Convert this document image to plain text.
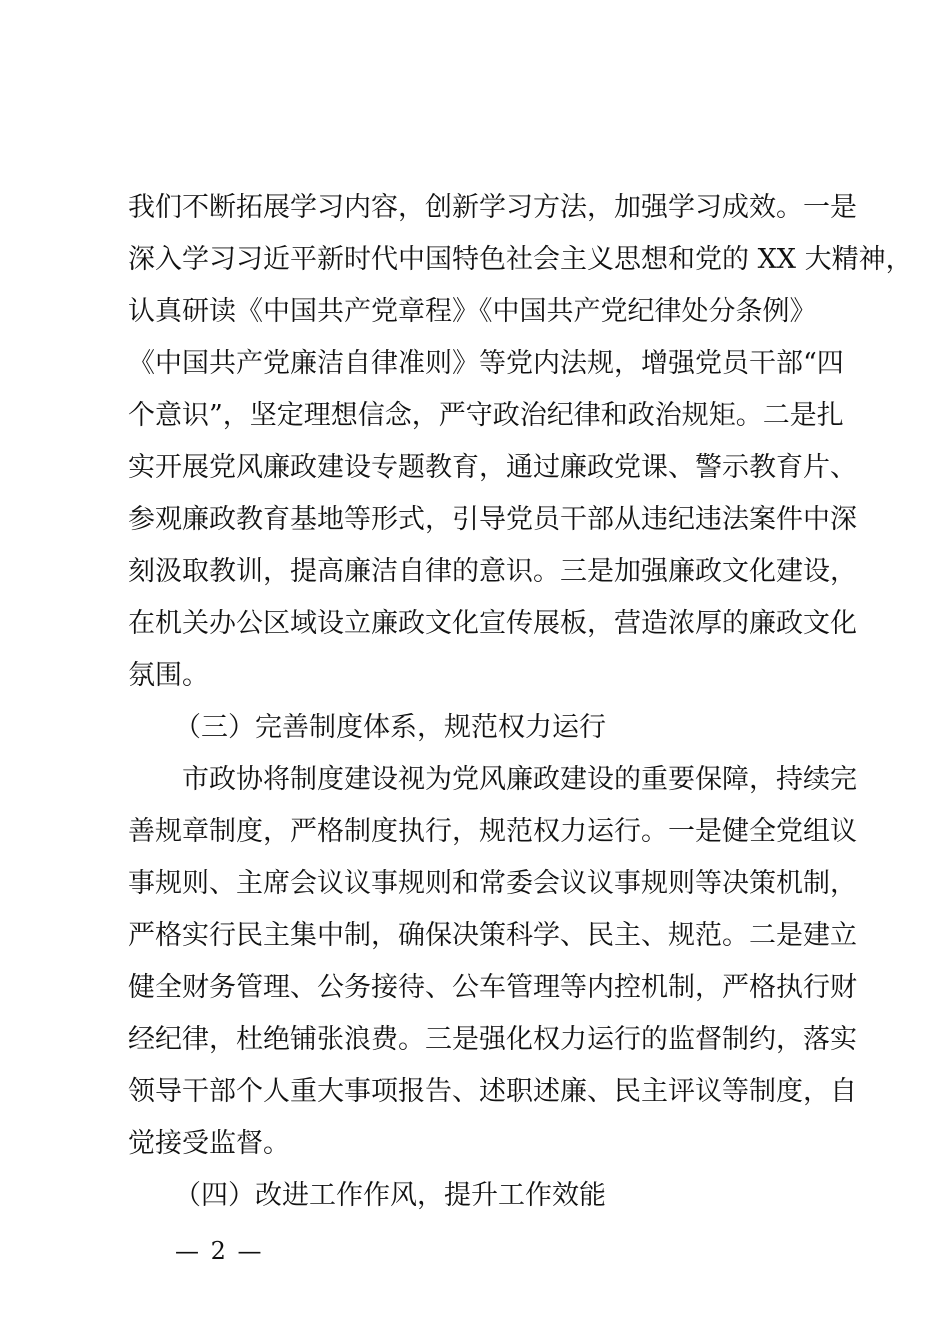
我们不断拓展学习内容，创新学习方法，加强学习成效。一是

深入学习习近平新时代中国特色社会主义思想和党的 XX 大精神，

认真研读《中国共产党章程》《中国共产党纪律处分条例》

《中国共产党廉洁自律准则》等党内法规，增强党员干部“四

个意识”，坚定理想信念，严守政治纪律和政治规矩。二是扎

实开展党风廉政建设专题教育，通过廉政党课、警示教育片、

参观廉政教育基地等形式，引导党员干部从违纪违法案件中深

刻汲取教训，提高廉洁自律的意识。三是加强廉政文化建设，

在机关办公区域设立廉政文化宣传展板，营造浓厚的廉政文化

氛围。

（三）完善制度体系，规范权力运行

市政协将制度建设视为党风廉政建设的重要保障，持续完

善规章制度，严格制度执行，规范权力运行。一是健全党组议

事规则、主席会议议事规则和常委会议议事规则等决策机制，

严格实行民主集中制，确保决策科学、民主、规范。二是建立

健全财务管理、公务接待、公车管理等内控机制，严格执行财

经纪律，杜绝铺张浪费。三是强化权力运行的监督制约，落实

领导干部个人重大事项报告、述职述廉、民主评议等制度，自

觉接受监督。

（四）改进工作作风，提升工作效能

— 2 —
